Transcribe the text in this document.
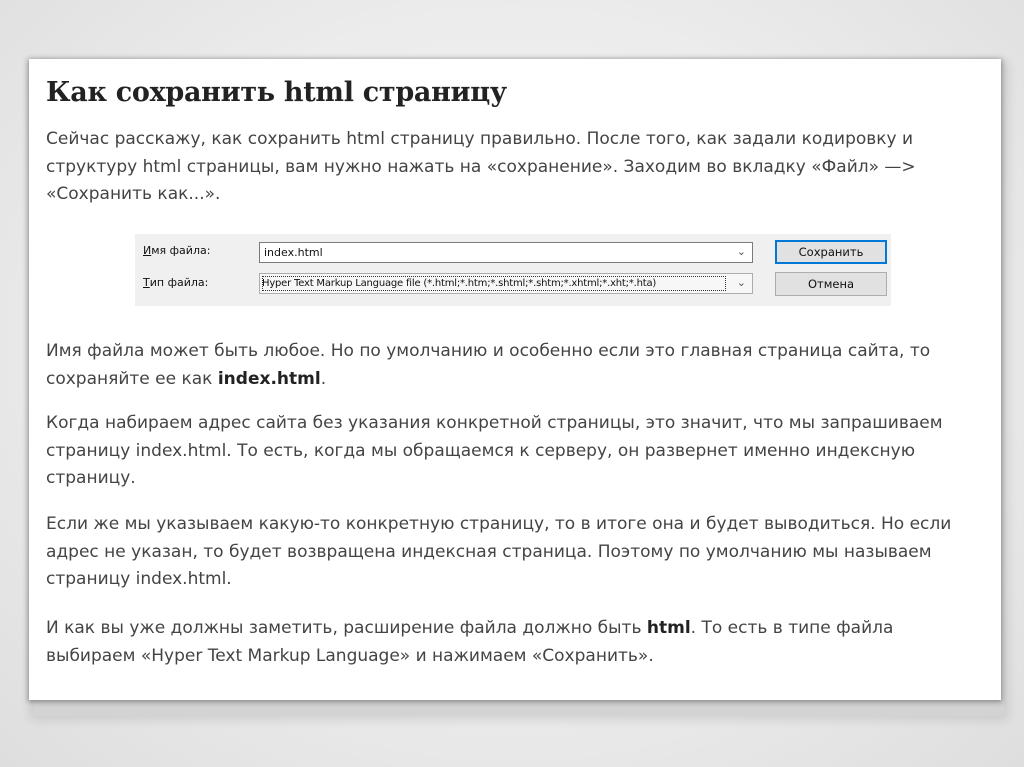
Как сохранить html страницу

Сейчас расскажу, как сохранить html страницу правильно. После того, как задали кодировку и структуру html страницы, вам нужно нажать на «сохранение». Заходим во вкладку «Файл» —> «Сохранить как...».

Имя файла:	index.html	⌄
Тип файла:	Hyper Text Markup Language file (*.html;*.htm;*.shtml;*.shtm;*.xhtml;*.xht;*.hta)	⌄
Сохранить
Отмена

Имя файла может быть любое. Но по умолчанию и особенно если это главная страница сайта, то сохраняйте ее как index.html.

Когда набираем адрес сайта без указания конкретной страницы, это значит, что мы запрашиваем страницу index.html. То есть, когда мы обращаемся к серверу, он развернет именно индексную страницу.

Если же мы указываем какую-то конкретную страницу, то в итоге она и будет выводиться. Но если адрес не указан, то будет возвращена индексная страница. Поэтому по умолчанию мы называем страницу index.html.

И как вы уже должны заметить, расширение файла должно быть html. То есть в типе файла выбираем «Hyper Text Markup Language» и нажимаем «Сохранить».
